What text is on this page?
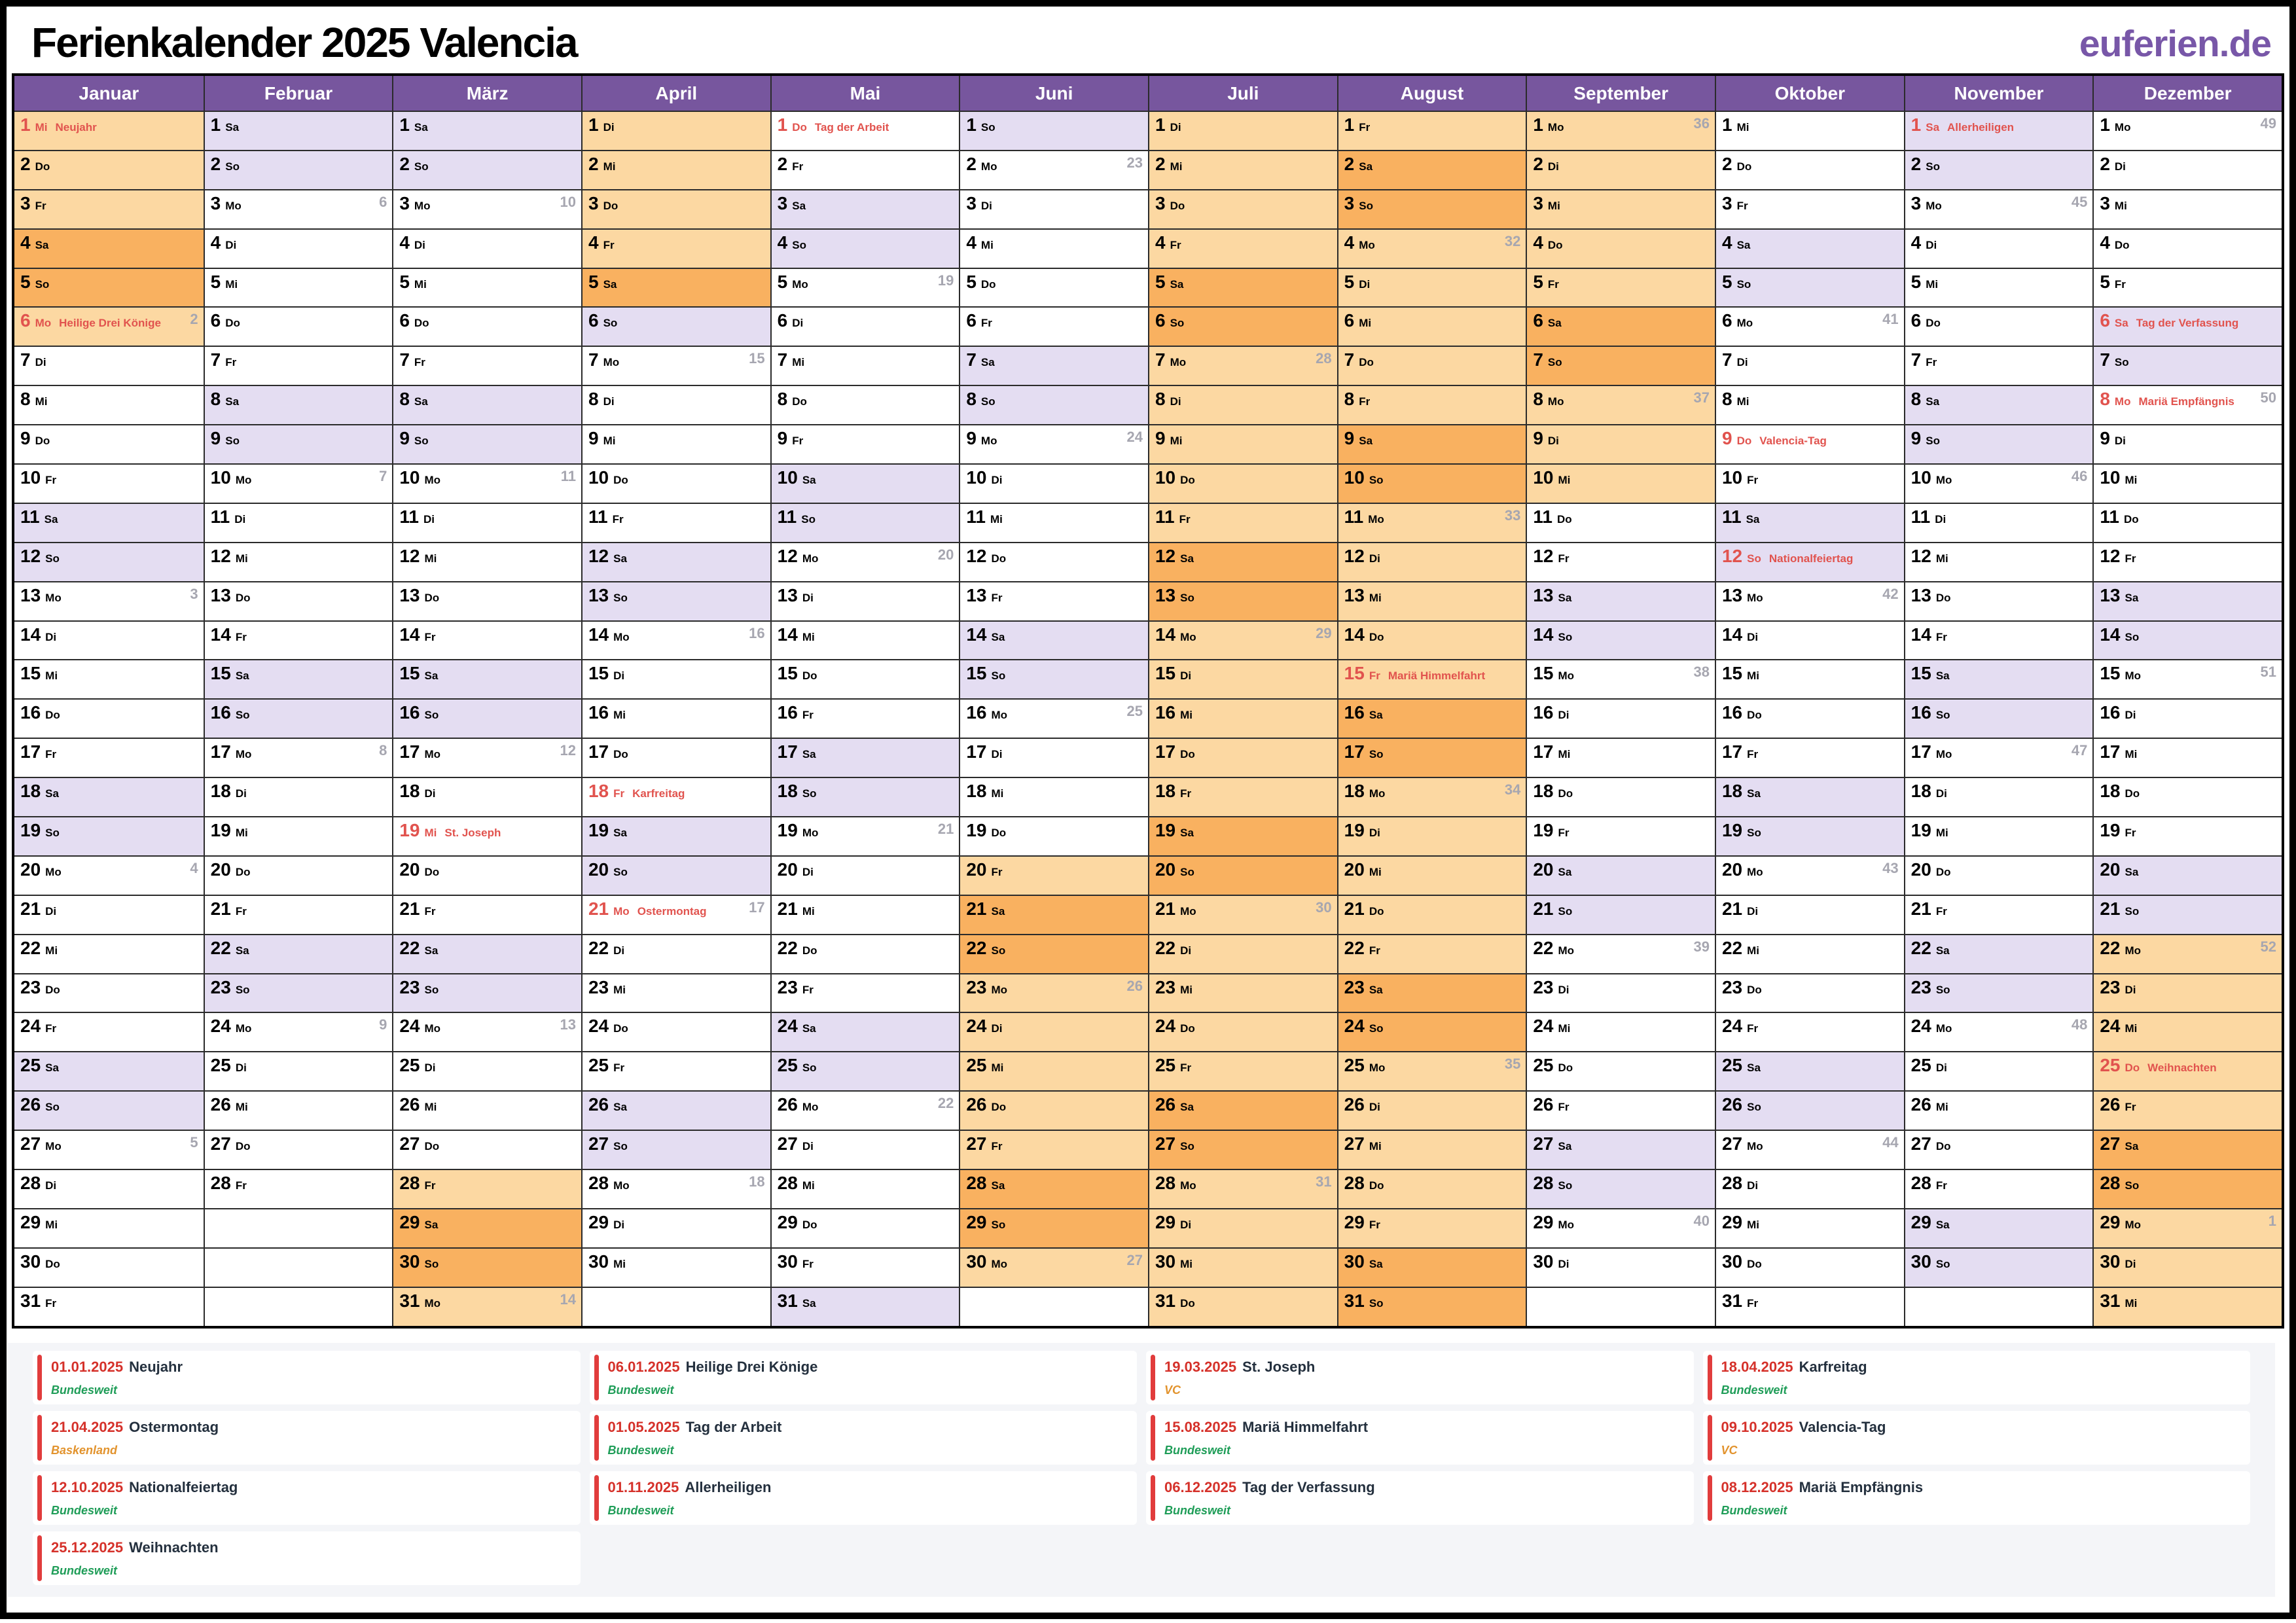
Ferienkalender 2025 Valencia	euferien.de
Januar
1 Mi Neujahr
2 Do
3 Fr
4 Sa
5 So
6 Mo Heilige Drei Könige 2
7 Di
8 Mi
9 Do
10 Fr
11 Sa
12 So
13 Mo	3
14 Di
15 Mi
16 Do
17 Fr
18 Sa
19 So
20 Mo	4
21 Di
22 Mi
23 Do
24 Fr
25 Sa
26 So
27 Mo	5
28 Di
29 Mi
30 Do
31 Fr
Februar
1 Sa
2 So
3 Mo	6
4 Di
5 Mi
6 Do
7 Fr
8 Sa
9 So
10 Mo	7
11 Di
12 Mi
13 Do
14 Fr
15 Sa
16 So
17 Mo	8
18 Di
19 Mi
20 Do
21 Fr
22 Sa
23 So
24 Mo	9
25 Di
26 Mi
27 Do
28 Fr
März
1 Sa
2 So
3 Mo	10
4 Di
5 Mi
6 Do
7 Fr
8 Sa
9 So
10 Mo	11
11 Di
12 Mi
13 Do
14 Fr
15 Sa
16 So
17 Mo	12
18 Di
19 Mi St. Joseph
20 Do
21 Fr
22 Sa
23 So
24 Mo	13
25 Di
26 Mi
27 Do
28 Fr
29 Sa
30 So
31 Mo	14
April
1 Di
2 Mi
3 Do
4 Fr
5 Sa
6 So
7 Mo	15
8 Di
9 Mi
10 Do
11 Fr
12 Sa
13 So
14 Mo	16
15 Di
16 Mi
17 Do
18 Fr Karfreitag
19 Sa
20 So
21 Mo Ostermontag	17
22 Di
23 Mi
24 Do
25 Fr
26 Sa
27 So
28 Mo	18
29 Di
30 Mi
Mai
1 Do Tag der Arbeit
2 Fr
3 Sa
4 So
5 Mo	19
6 Di
7 Mi
8 Do
9 Fr
10 Sa
11 So
12 Mo	20
13 Di
14 Mi
15 Do
16 Fr
17 Sa
18 So
19 Mo	21
20 Di
21 Mi
22 Do
23 Fr
24 Sa
25 So
26 Mo	22
27 Di
28 Mi
29 Do
30 Fr
31 Sa
Juni
1 So
2 Mo	23
3 Di
4 Mi
5 Do
6 Fr
7 Sa
8 So
9 Mo	24
10 Di
11 Mi
12 Do
13 Fr
14 Sa
15 So
16 Mo	25
17 Di
18 Mi
19 Do
20 Fr
21 Sa
22 So
23 Mo	26
24 Di
25 Mi
26 Do
27 Fr
28 Sa
29 So
30 Mo	27
Juli
1 Di
2 Mi
3 Do
4 Fr
5 Sa
6 So
7 Mo	28
8 Di
9 Mi
10 Do
11 Fr
12 Sa
13 So
14 Mo	29
15 Di
16 Mi
17 Do
18 Fr
19 Sa
20 So
21 Mo	30
22 Di
23 Mi
24 Do
25 Fr
26 Sa
27 So
28 Mo	31
29 Di
30 Mi
31 Do
August
1 Fr
2 Sa
3 So
4 Mo	32
5 Di
6 Mi
7 Do
8 Fr
9 Sa
10 So
11 Mo	33
12 Di
13 Mi
14 Do
15 Fr Mariä Himmelfahrt
16 Sa
17 So
18 Mo	34
19 Di
20 Mi
21 Do
22 Fr
23 Sa
24 So
25 Mo	35
26 Di
27 Mi
28 Do
29 Fr
30 Sa
31 So
September
1 Mo	36
2 Di
3 Mi
4 Do
5 Fr
6 Sa
7 So
8 Mo	37
9 Di
10 Mi
11 Do
12 Fr
13 Sa
14 So
15 Mo	38
16 Di
17 Mi
18 Do
19 Fr
20 Sa
21 So
22 Mo	39
23 Di
24 Mi
25 Do
26 Fr
27 Sa
28 So
29 Mo	40
30 Di
Oktober
1 Mi
2 Do
3 Fr
4 Sa
5 So
6 Mo	41
7 Di
8 Mi
9 Do Valencia-Tag
10 Fr
11 Sa
12 So Nationalfeiertag
13 Mo	42
14 Di
15 Mi
16 Do
17 Fr
18 Sa
19 So
20 Mo	43
21 Di
22 Mi
23 Do
24 Fr
25 Sa
26 So
27 Mo	44
28 Di
29 Mi
30 Do
31 Fr
November
1 Sa Allerheiligen
2 So
3 Mo	45
4 Di
5 Mi
6 Do
7 Fr
8 Sa
9 So
10 Mo	46
11 Di
12 Mi
13 Do
14 Fr
15 Sa
16 So
17 Mo	47
18 Di
19 Mi
20 Do
21 Fr
22 Sa
23 So
24 Mo	48
25 Di
26 Mi
27 Do
28 Fr
29 Sa
30 So
Dezember
1 Mo	49
2 Di
3 Mi
4 Do
5 Fr
6 Sa Tag der Verfassung
7 So
8 Mo Mariä Empfängnis 50
9 Di
10 Mi
11 Do
12 Fr
13 Sa
14 So
15 Mo	51
16 Di
17 Mi
18 Do
19 Fr
20 Sa
21 So
22 Mo	52
23 Di
24 Mi
25 Do Weihnachten
26 Fr
27 Sa
28 So
29 Mo	1
30 Di
31 Mi
01.01.2025 Neujahr
Bundesweit
06.01.2025 Heilige Drei Könige
Bundesweit
19.03.2025 St. Joseph
VC
18.04.2025 Karfreitag
Bundesweit
21.04.2025 Ostermontag
Baskenland
01.05.2025 Tag der Arbeit
Bundesweit
15.08.2025 Mariä Himmelfahrt
Bundesweit
09.10.2025 Valencia-Tag
VC
12.10.2025 Nationalfeiertag
Bundesweit
01.11.2025 Allerheiligen
Bundesweit
06.12.2025 Tag der Verfassung
Bundesweit
08.12.2025 Mariä Empfängnis
Bundesweit
25.12.2025 Weihnachten
Bundesweit
